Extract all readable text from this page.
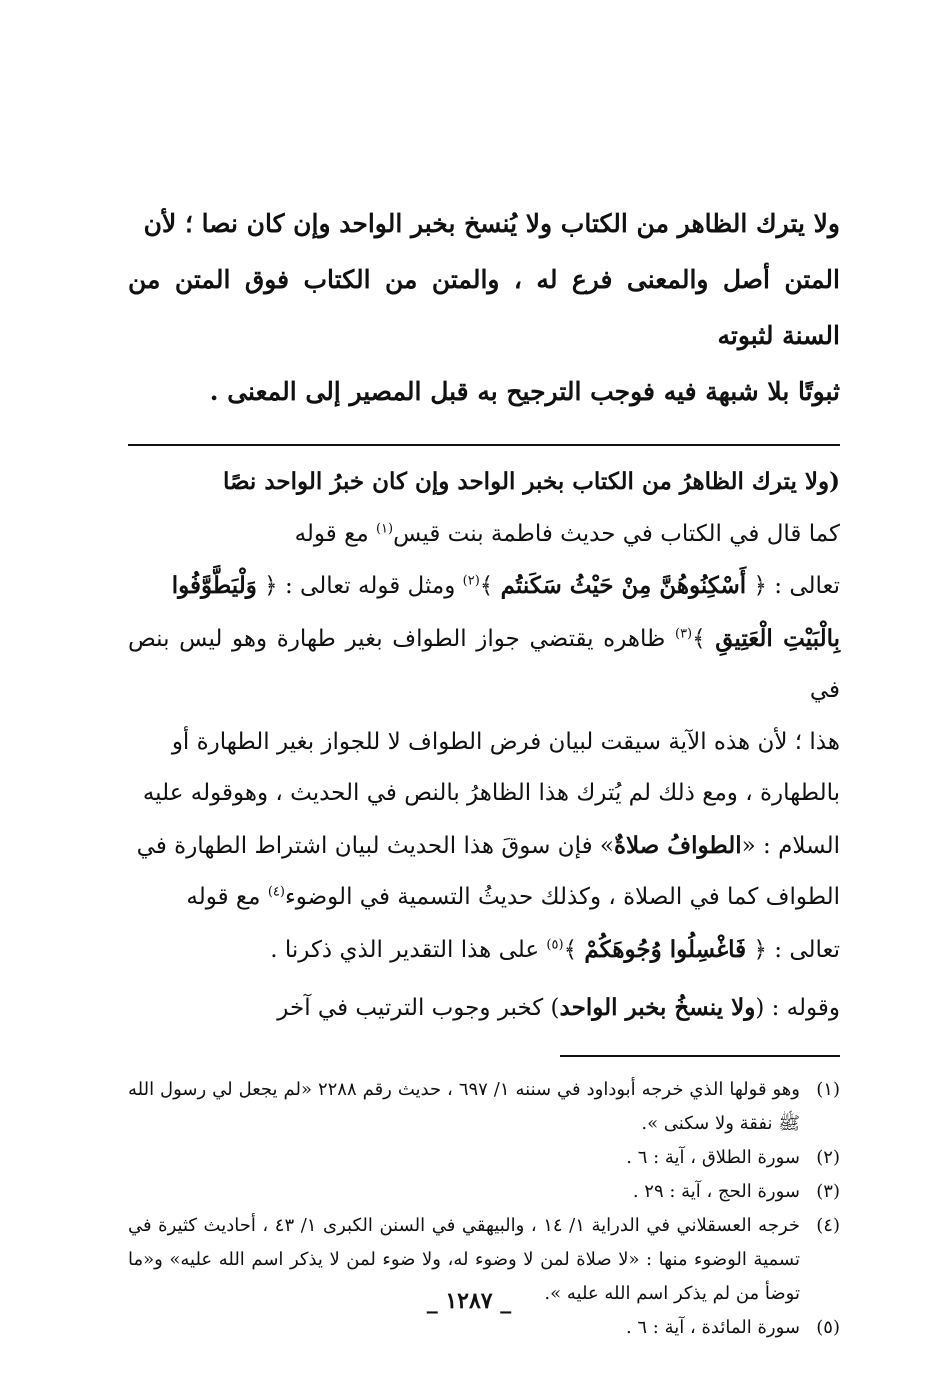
ولا يترك الظاهر من الكتاب ولا يُنسخ بخبر الواحد وإن كان نصا ؛ لأن

المتن أصل والمعنى فرع له ، والمتن من الكتاب فوق المتن من السنة لثبوته

ثبوتًا بلا شبهة فيه فوجب الترجيح به قبل المصير إلى المعنى .

(ولا يترك الظاهرُ من الكتاب بخبر الواحد وإن كان خبرُ الواحد نصًا

كما قال في الكتاب في حديث فاطمة بنت قيس$^{(١)}$ مع قوله

تعالى : ﴿ أَسْكِنُوهُنَّ مِنْ حَيْثُ سَكَنتُم ﴾$^{(٢)}$ ومثل قوله تعالى : ﴿ وَلْيَطَّوَّفُوا

بِالْبَيْتِ الْعَتِيقِ ﴾$^{(٣)}$ ظاهره يقتضي جواز الطواف بغير طهارة وهو ليس بنص في

هذا ؛ لأن هذه الآية سيقت لبيان فرض الطواف لا للجواز بغير الطهارة أو

بالطهارة ، ومع ذلك لم يُترك هذا الظاهرُ بالنص في الحديث ، وهوقوله عليه

السلام : «الطوافُ صلاةٌ» فإن سوقَ هذا الحديث لبيان اشتراط الطهارة في

الطواف كما في الصلاة ، وكذلك حديثُ التسمية في الوضوء$^{(٤)}$ مع قوله

تعالى : ﴿ فَاغْسِلُوا وُجُوهَكُمْ ﴾$^{(٥)}$ على هذا التقدير الذي ذكرنا .

وقوله : (ولا ينسخُ بخبر الواحد) كخبر وجوب الترتيب في آخر

(١)
وهو قولها الذي خرجه أبوداود في سننه ١/ ٦٩٧ ، حديث رقم ٢٢٨٨ «لم يجعل لي رسول الله ﷺ نفقة ولا سكنى ».
(٢)
سورة الطلاق ، آية : ٦ .
(٣)
سورة الحج ، آية : ٢٩ .
(٤)
خرجه العسقلاني في الدراية ١/ ١٤ ، والبيهقي في السنن الكبرى ١/ ٤٣ ، أحاديث كثيرة في تسمية الوضوء منها : «لا صلاة لمن لا وضوء له، ولا ضوء لمن لا يذكر اسم الله عليه» و«ما توضأ من لم يذكر اسم الله عليه ».
(٥)
سورة المائدة ، آية : ٦ .
_ ١٢٨٧ _
